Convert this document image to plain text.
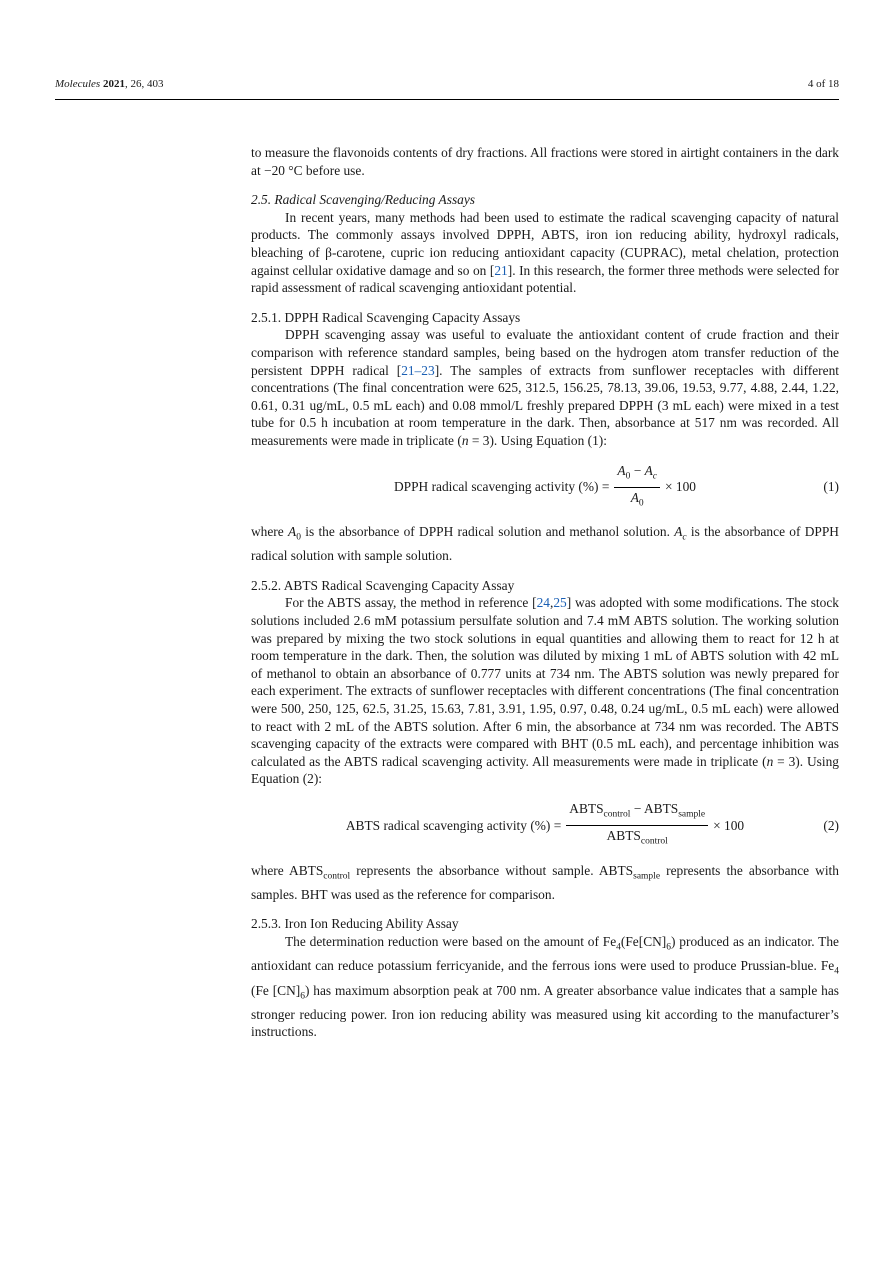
Molecules 2021, 26, 403	4 of 18

to measure the flavonoids contents of dry fractions. All fractions were stored in airtight containers in the dark at −20 °C before use.

2.5. Radical Scavenging/Reducing Assays

In recent years, many methods had been used to estimate the radical scavenging capacity of natural products. The commonly assays involved DPPH, ABTS, iron ion reducing ability, hydroxyl radicals, bleaching of β-carotene, cupric ion reducing antioxidant capacity (CUPRAC), metal chelation, protection against cellular oxidative damage and so on [21]. In this research, the former three methods were selected for rapid assessment of radical scavenging antioxidant potential.

2.5.1. DPPH Radical Scavenging Capacity Assays

DPPH scavenging assay was useful to evaluate the antioxidant content of crude fraction and their comparison with reference standard samples, being based on the hydrogen atom transfer reduction of the persistent DPPH radical [21–23]. The samples of extracts from sunflower receptacles with different concentrations (The final concentration were 625, 312.5, 156.25, 78.13, 39.06, 19.53, 9.77, 4.88, 2.44, 1.22, 0.61, 0.31 ug/mL, 0.5 mL each) and 0.08 mmol/L freshly prepared DPPH (3 mL each) were mixed in a test tube for 0.5 h incubation at room temperature in the dark. Then, absorbance at 517 nm was recorded. All measurements were made in triplicate (n = 3). Using Equation (1):

DPPH radical scavenging activity (%) = $\frac{A_0 - A_c}{A_0} \times 100$	(1)

where $A_0$ is the absorbance of DPPH radical solution and methanol solution. $A_c$ is the absorbance of DPPH radical solution with sample solution.

2.5.2. ABTS Radical Scavenging Capacity Assay

For the ABTS assay, the method in reference [24,25] was adopted with some modifications. The stock solutions included 2.6 mM potassium persulfate solution and 7.4 mM ABTS solution. The working solution was prepared by mixing the two stock solutions in equal quantities and allowing them to react for 12 h at room temperature in the dark. Then, the solution was diluted by mixing 1 mL of ABTS solution with 42 mL of methanol to obtain an absorbance of 0.777 units at 734 nm. The ABTS solution was newly prepared for each experiment. The extracts of sunflower receptacles with different concentrations (The final concentration were 500, 250, 125, 62.5, 31.25, 15.63, 7.81, 3.91, 1.95, 0.97, 0.48, 0.24 ug/mL, 0.5 mL each) were allowed to react with 2 mL of the ABTS solution. After 6 min, the absorbance at 734 nm was recorded. The ABTS scavenging capacity of the extracts were compared with BHT (0.5 mL each), and percentage inhibition was calculated as the ABTS radical scavenging activity. All measurements were made in triplicate (n = 3). Using Equation (2):

ABTS radical scavenging activity (%) = $\frac{ABTS_{control} - ABTS_{sample}}{ABTS_{control}} \times 100$	(2)

where $ABTS_{control}$ represents the absorbance without sample. $ABTS_{sample}$ represents the absorbance with samples. BHT was used as the reference for comparison.

2.5.3. Iron Ion Reducing Ability Assay

The determination reduction were based on the amount of $Fe_4(Fe[CN]_6)$ produced as an indicator. The antioxidant can reduce potassium ferricyanide, and the ferrous ions were used to produce Prussian-blue. $Fe_4$ (Fe $[CN]_6$) has maximum absorption peak at 700 nm. A greater absorbance value indicates that a sample has stronger reducing power. Iron ion reducing ability was measured using kit according to the manufacturer’s instructions.
